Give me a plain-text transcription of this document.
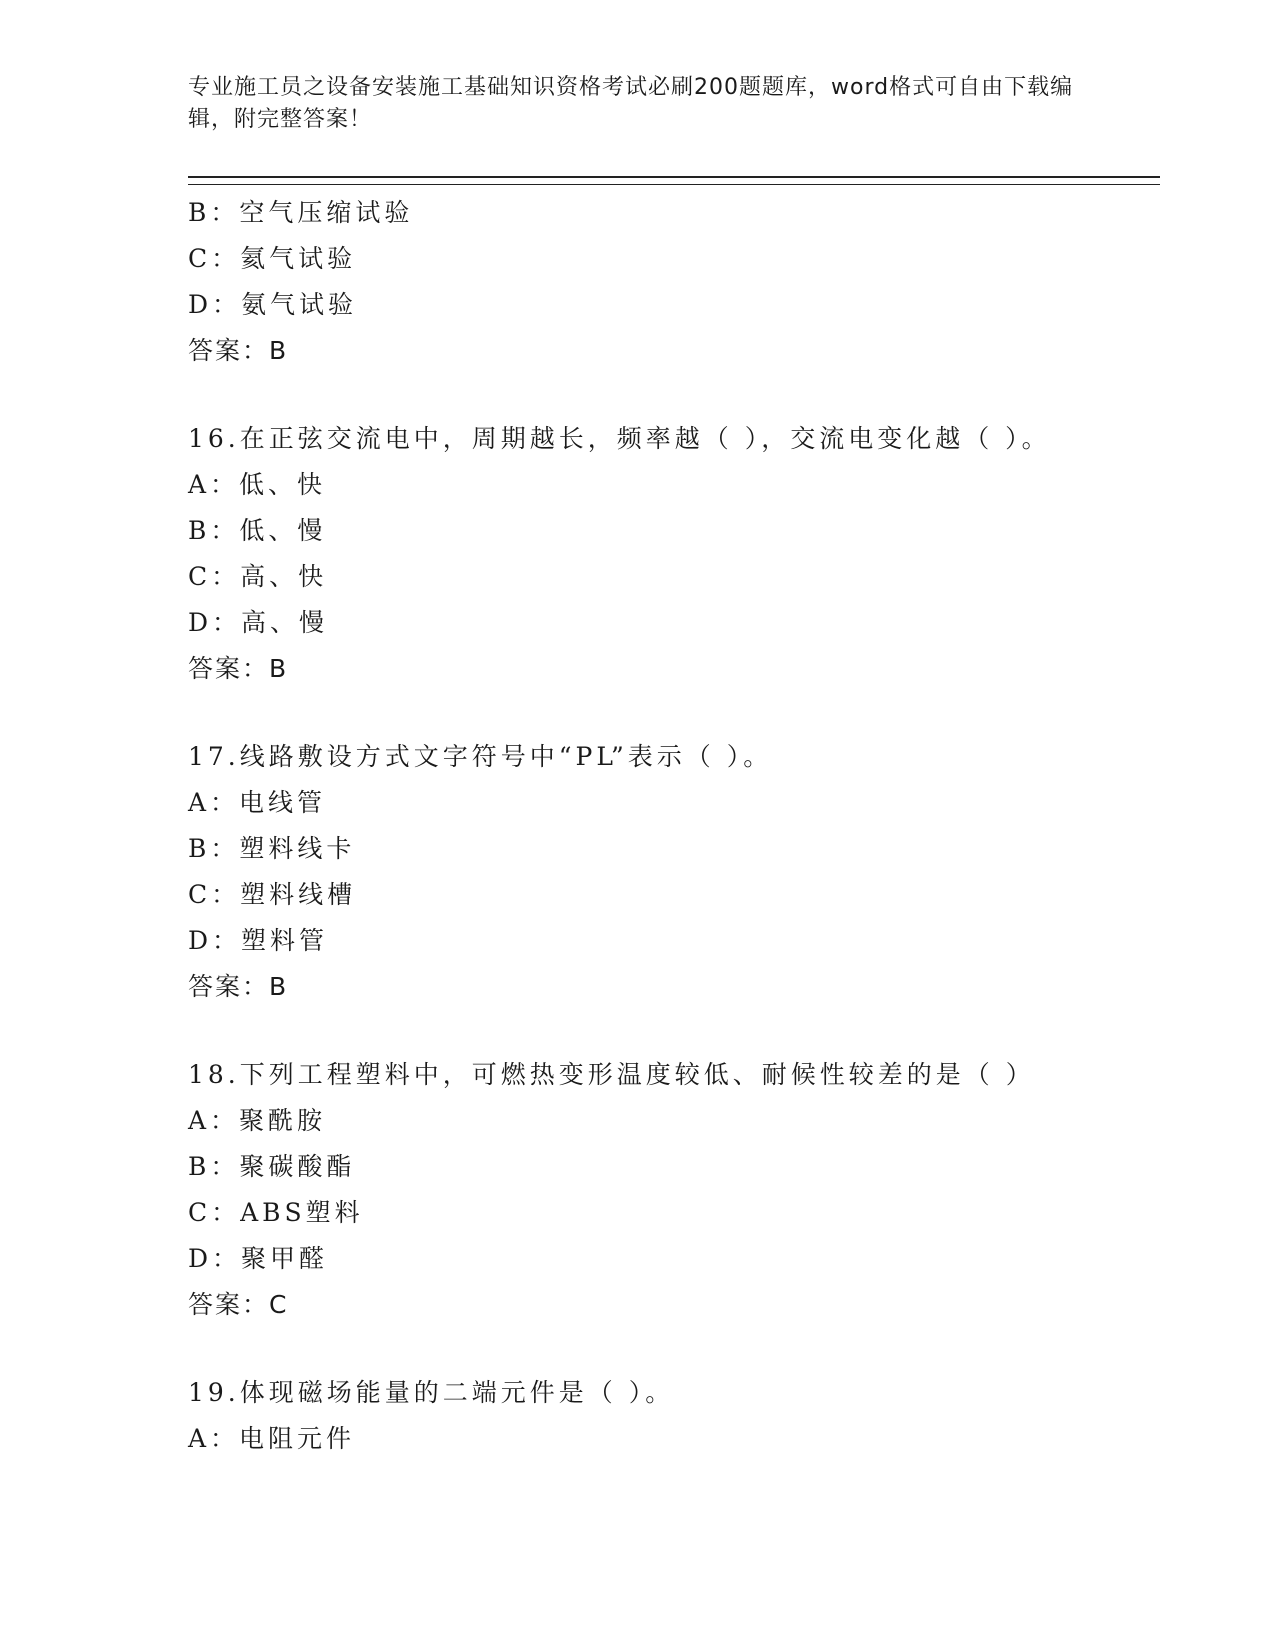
专业施工员之设备安装施工基础知识资格考试必刷200题题库，word格式可自由下载编辑，附完整答案！
B：空气压缩试验
C：氦气试验
D：氨气试验
答案：B
16.在正弦交流电中，周期越长，频率越（ ），交流电变化越（ ）。
A：低、快
B：低、慢
C：高、快
D：高、慢
答案：B
17.线路敷设方式文字符号中“PL”表示（ ）。
A：电线管
B：塑料线卡
C：塑料线槽
D：塑料管
答案：B
18.下列工程塑料中，可燃热变形温度较低、耐候性较差的是（ ）
A：聚酰胺
B：聚碳酸酯
C：ABS塑料
D：聚甲醛
答案：C
19.体现磁场能量的二端元件是（ ）。
A：电阻元件
